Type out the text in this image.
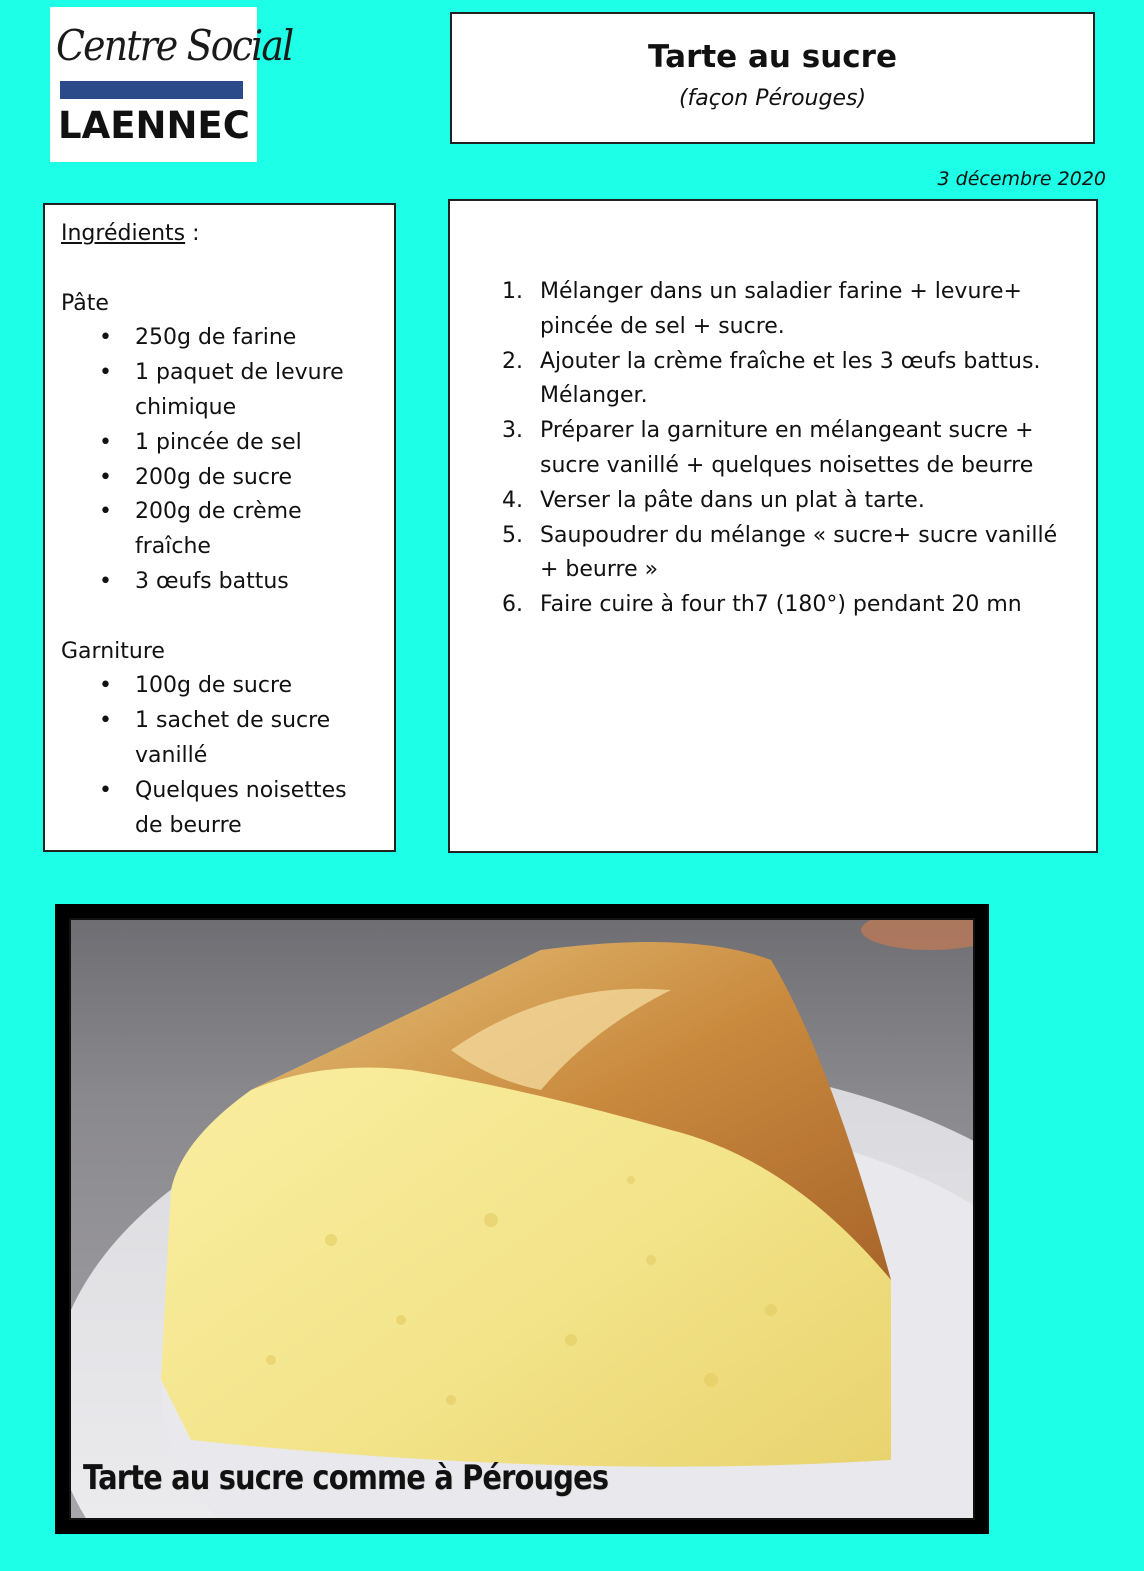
Centre Social
LAENNEC
Tarte au sucre
(façon Pérouges)
3 décembre 2020
Ingrédients :
Pâte
• 250g de farine
• 1 paquet de levure chimique
• 1 pincée de sel
• 200g de sucre
• 200g de crème fraîche
• 3 œufs battus
Garniture
• 100g de sucre
• 1 sachet de sucre vanillé
• Quelques noisettes de beurre
1. Mélanger dans un saladier farine + levure+ pincée de sel + sucre.
2. Ajouter la crème fraîche et les 3 œufs battus. Mélanger.
3. Préparer la garniture en mélangeant sucre + sucre vanillé + quelques noisettes de beurre
4. Verser la pâte dans un plat à tarte.
5. Saupoudrer du mélange « sucre+ sucre vanillé + beurre »
6. Faire cuire à four th7 (180°) pendant 20 mn
Tarte au sucre comme à Pérouges
